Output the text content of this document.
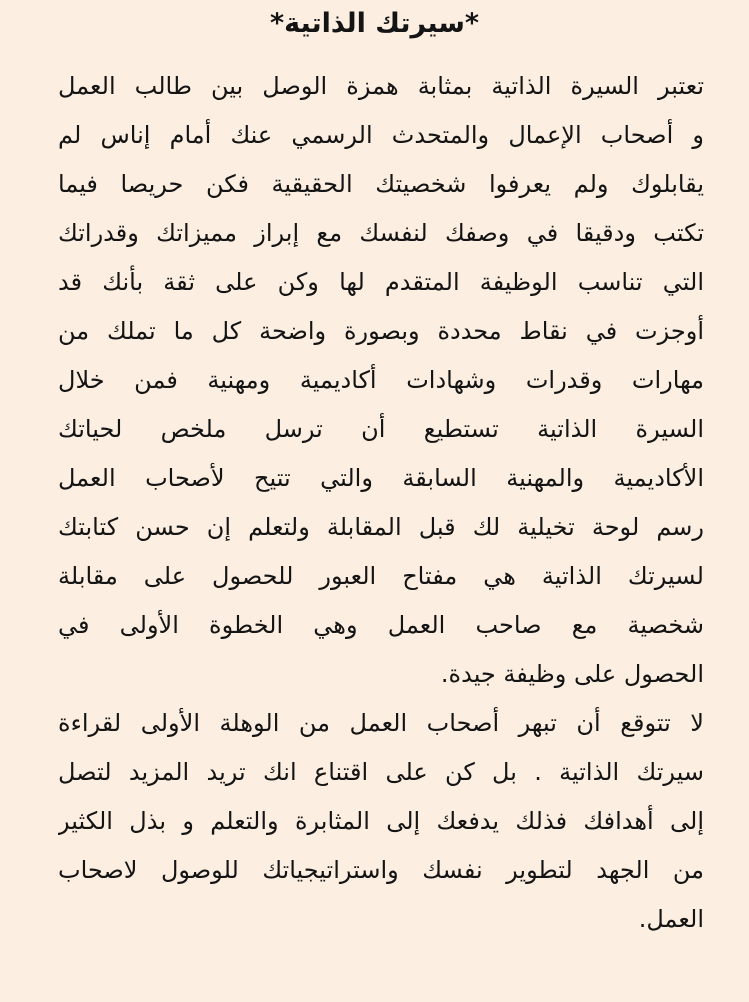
*سيرتك الذاتية*
تعتبر السيرة الذاتية بمثابة همزة الوصل بين طالب العمل
و أصحاب الإعمال والمتحدث الرسمي عنك أمام إناس لم
يقابلوك ولم يعرفوا شخصيتك الحقيقية فكن حريصا فيما
تكتب ودقيقا في وصفك لنفسك مع إبراز مميزاتك وقدراتك
التي تناسب الوظيفة المتقدم لها وكن على ثقة بأنك قد
أوجزت في نقاط محددة وبصورة واضحة كل ما تملك من
مهارات وقدرات وشهادات أكاديمية ومهنية فمن خلال
السيرة الذاتية تستطيع أن ترسل ملخص لحياتك
الأكاديمية والمهنية السابقة والتي تتيح لأصحاب العمل
رسم لوحة تخيلية لك قبل المقابلة ولتعلم إن حسن كتابتك
لسيرتك الذاتية هي مفتاح العبور للحصول على مقابلة
شخصية مع صاحب العمل وهي الخطوة الأولى في
الحصول على وظيفة جيدة.
لا تتوقع أن تبهر أصحاب العمل من الوهلة الأولى لقراءة
سيرتك الذاتية . بل كن على اقتناع انك تريد المزيد لتصل
إلى أهدافك فذلك يدفعك إلى المثابرة والتعلم و بذل الكثير
من الجهد لتطوير نفسك واستراتيجياتك للوصول لاصحاب
العمل.
